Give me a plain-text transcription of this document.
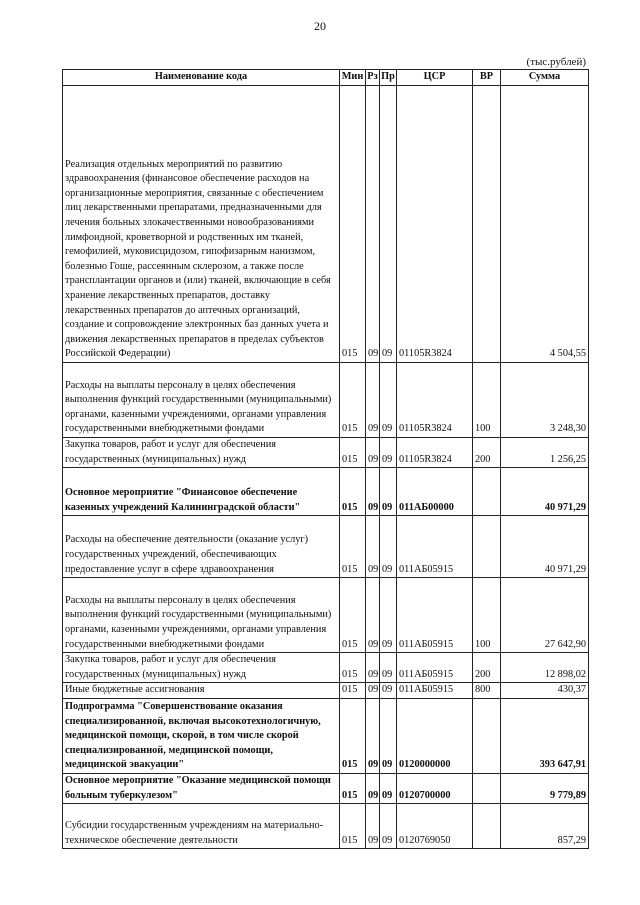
20
(тыс.рублей)
Наименование кода	Мин	Рз	Пр	ЦСР	ВР	Сумма
Реализация отдельных мероприятий по развитию здравоохранения (финансовое обеспечение расходов на организационные мероприятия, связанные с обеспечением лиц лекарственными препаратами, предназначенными для лечения больных злокачественными новообразованиями лимфоидной, кроветворной и родственных им тканей, гемофилией, муковисцидозом, гипофизарным нанизмом, болезнью Гоше, рассеянным склерозом, а также после трансплантации органов и (или) тканей, включающие в себя хранение лекарственных препаратов, доставку лекарственных препаратов до аптечных организаций, создание и сопровождение электронных баз данных учета и движения лекарственных препаратов в пределах субъектов Российской Федерации)	015	09	09	01105R3824		4 504,55
Расходы на выплаты персоналу в целях обеспечения выполнения функций государственными (муниципальными) органами, казенными учреждениями, органами управления государственными внебюджетными фондами	015	09	09	01105R3824	100	3 248,30
Закупка товаров, работ и услуг для обеспечения государственных (муниципальных) нужд	015	09	09	01105R3824	200	1 256,25
Основное мероприятие "Финансовое обеспечение казенных учреждений Калининградской области"	015	09	09	011АБ00000		40 971,29
Расходы на обеспечение деятельности (оказание услуг) государственных учреждений, обеспечивающих предоставление услуг в сфере здравоохранения	015	09	09	011АБ05915		40 971,29
Расходы на выплаты персоналу в целях обеспечения выполнения функций государственными (муниципальными) органами, казенными учреждениями, органами управления государственными внебюджетными фондами	015	09	09	011АБ05915	100	27 642,90
Закупка товаров, работ и услуг для обеспечения государственных (муниципальных) нужд	015	09	09	011АБ05915	200	12 898,02
Иные бюджетные ассигнования	015	09	09	011АБ05915	800	430,37
Подпрограмма "Совершенствование оказания специализированной, включая высокотехнологичную, медицинской помощи, скорой, в том числе скорой специализированной, медицинской помощи, медицинской эвакуации"	015	09	09	0120000000		393 647,91
Основное мероприятие "Оказание медицинской помощи больным туберкулезом"	015	09	09	0120700000		9 779,89
Субсидии государственным учреждениям на материально-техническое обеспечение деятельности	015	09	09	0120769050		857,29
